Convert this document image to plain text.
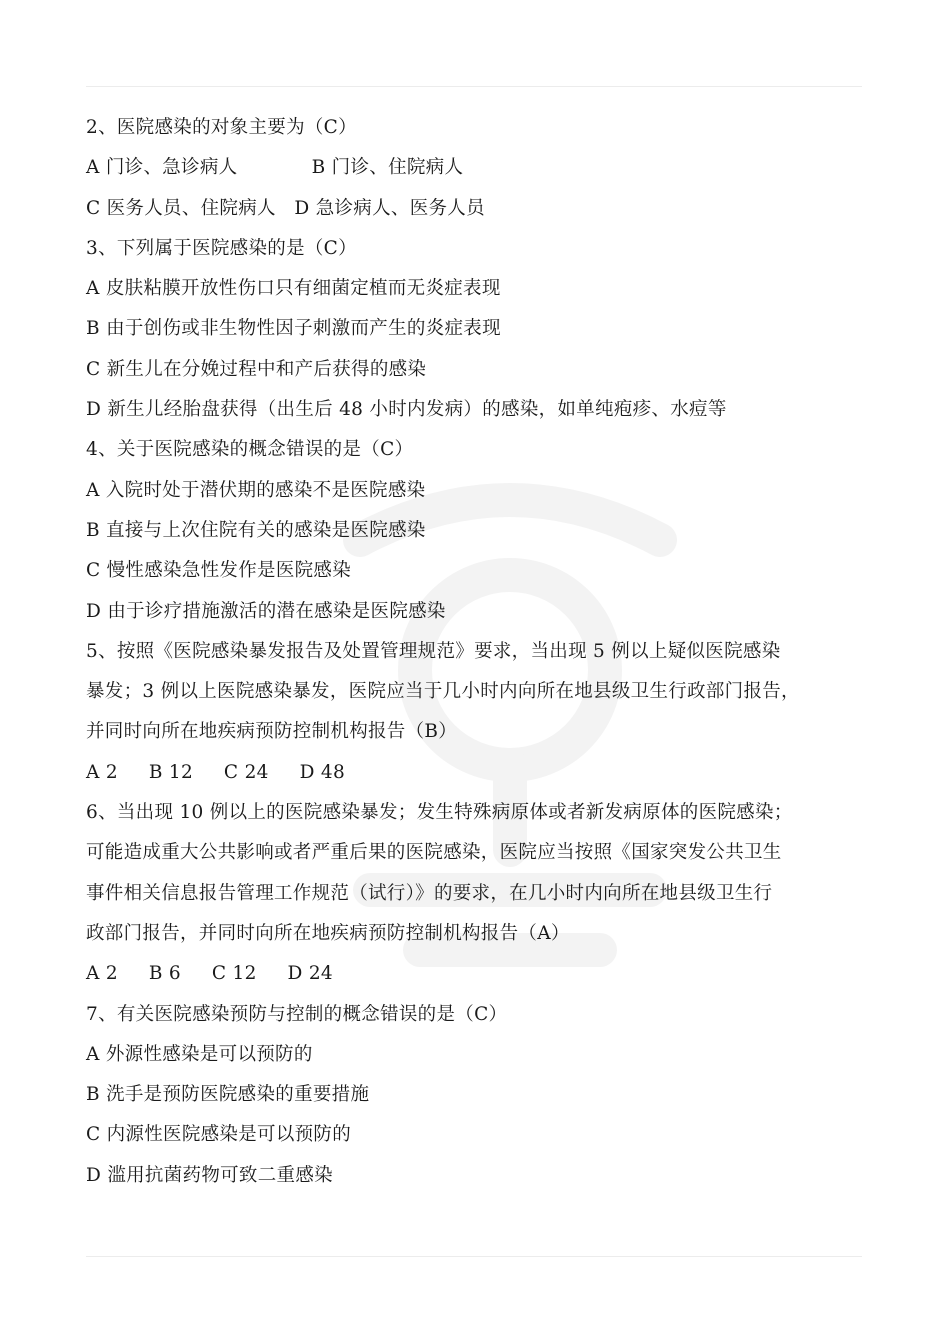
2、医院感染的对象主要为（C）
A 门诊、急诊病人            B 门诊、住院病人
C 医务人员、住院病人   D 急诊病人、医务人员
3、下列属于医院感染的是（C）
A 皮肤粘膜开放性伤口只有细菌定植而无炎症表现
B 由于创伤或非生物性因子刺激而产生的炎症表现
C 新生儿在分娩过程中和产后获得的感染
D 新生儿经胎盘获得（出生后 48 小时内发病）的感染，如单纯疱疹、水痘等
4、关于医院感染的概念错误的是（C）
A 入院时处于潜伏期的感染不是医院感染
B 直接与上次住院有关的感染是医院感染
C 慢性感染急性发作是医院感染
D 由于诊疗措施激活的潜在感染是医院感染
5、按照《医院感染暴发报告及处置管理规范》要求，当出现 5 例以上疑似医院感染
暴发；3 例以上医院感染暴发，医院应当于几小时内向所在地县级卫生行政部门报告，
并同时向所在地疾病预防控制机构报告（B）
A 2     B 12     C 24     D 48
6、当出现 10 例以上的医院感染暴发；发生特殊病原体或者新发病原体的医院感染；
可能造成重大公共影响或者严重后果的医院感染，医院应当按照《国家突发公共卫生
事件相关信息报告管理工作规范（试行）》的要求，在几小时内向所在地县级卫生行
政部门报告，并同时向所在地疾病预防控制机构报告（A）
A 2     B 6     C 12     D 24
7、有关医院感染预防与控制的概念错误的是（C）
A 外源性感染是可以预防的
B 洗手是预防医院感染的重要措施
C 内源性医院感染是可以预防的
D 滥用抗菌药物可致二重感染
